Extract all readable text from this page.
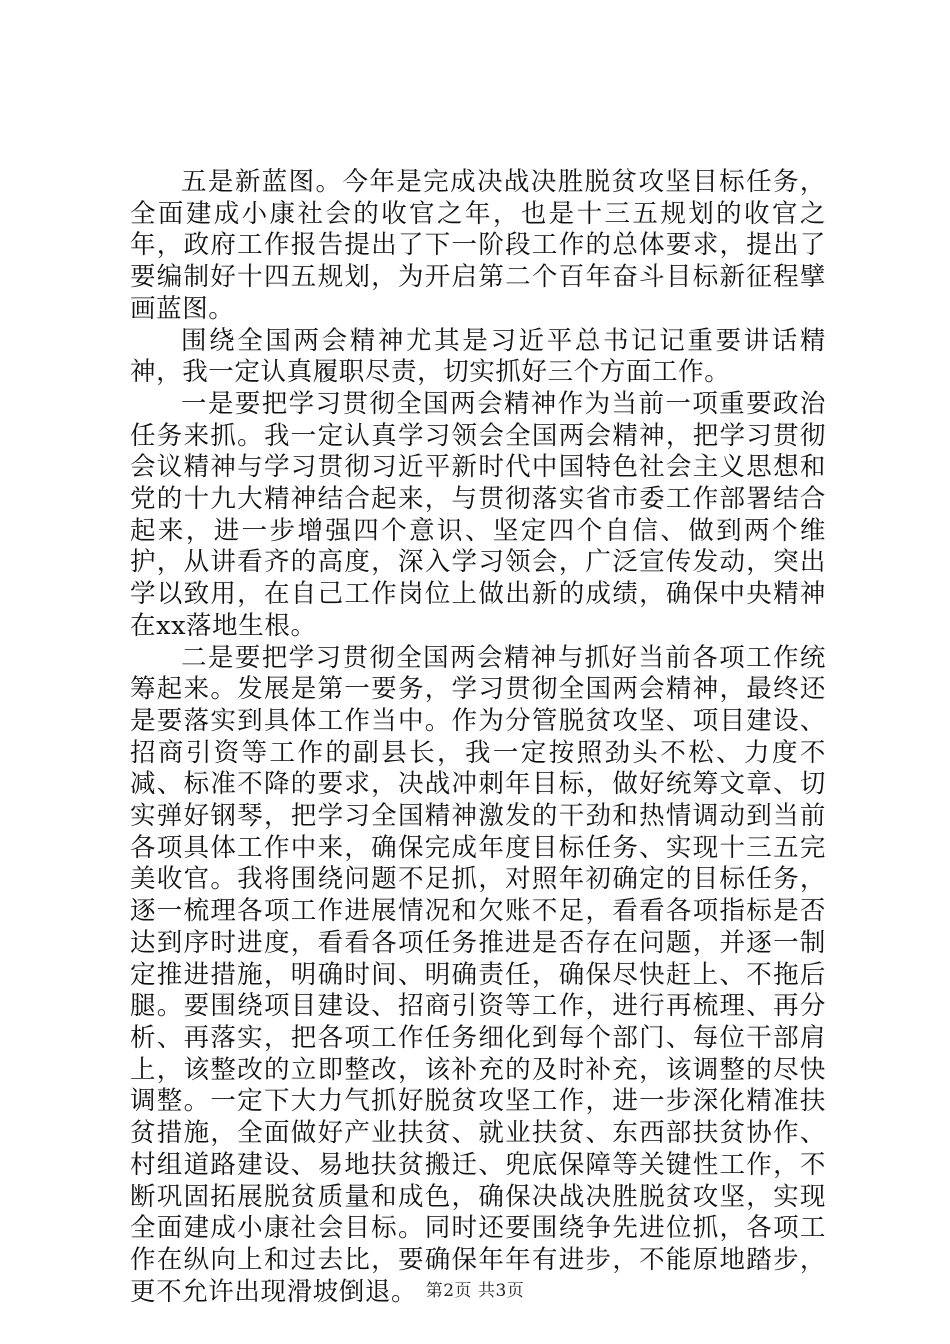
五是新蓝图。今年是完成决战决胜脱贫攻坚目标任务，全面建成小康社会的收官之年，也是十三五规划的收官之年，政府工作报告提出了下一阶段工作的总体要求，提出了要编制好十四五规划，为开启第二个百年奋斗目标新征程擘画蓝图。

围绕全国两会精神尤其是习近平总书记记重要讲话精神，我一定认真履职尽责，切实抓好三个方面工作。

一是要把学习贯彻全国两会精神作为当前一项重要政治任务来抓。我一定认真学习领会全国两会精神，把学习贯彻会议精神与学习贯彻习近平新时代中国特色社会主义思想和党的十九大精神结合起来，与贯彻落实省市委工作部署结合起来，进一步增强四个意识、坚定四个自信、做到两个维护，从讲看齐的高度，深入学习领会，广泛宣传发动，突出学以致用，在自己工作岗位上做出新的成绩，确保中央精神在xx落地生根。

二是要把学习贯彻全国两会精神与抓好当前各项工作统筹起来。发展是第一要务，学习贯彻全国两会精神，最终还是要落实到具体工作当中。作为分管脱贫攻坚、项目建设、招商引资等工作的副县长，我一定按照劲头不松、力度不减、标准不降的要求，决战冲刺年目标，做好统筹文章、切实弹好钢琴，把学习全国精神激发的干劲和热情调动到当前各项具体工作中来，确保完成年度目标任务、实现十三五完美收官。我将围绕问题不足抓，对照年初确定的目标任务，逐一梳理各项工作进展情况和欠账不足，看看各项指标是否达到序时进度，看看各项任务推进是否存在问题，并逐一制定推进措施，明确时间、明确责任，确保尽快赶上、不拖后腿。要围绕项目建设、招商引资等工作，进行再梳理、再分析、再落实，把各项工作任务细化到每个部门、每位干部肩上，该整改的立即整改，该补充的及时补充，该调整的尽快调整。一定下大力气抓好脱贫攻坚工作，进一步深化精准扶贫措施，全面做好产业扶贫、就业扶贫、东西部扶贫协作、村组道路建设、易地扶贫搬迁、兜底保障等关键性工作，不断巩固拓展脱贫质量和成色，确保决战决胜脱贫攻坚，实现全面建成小康社会目标。同时还要围绕争先进位抓，各项工作在纵向上和过去比，要确保年年有进步，不能原地踏步，更不允许出现滑坡倒退。 第2页 共3页
